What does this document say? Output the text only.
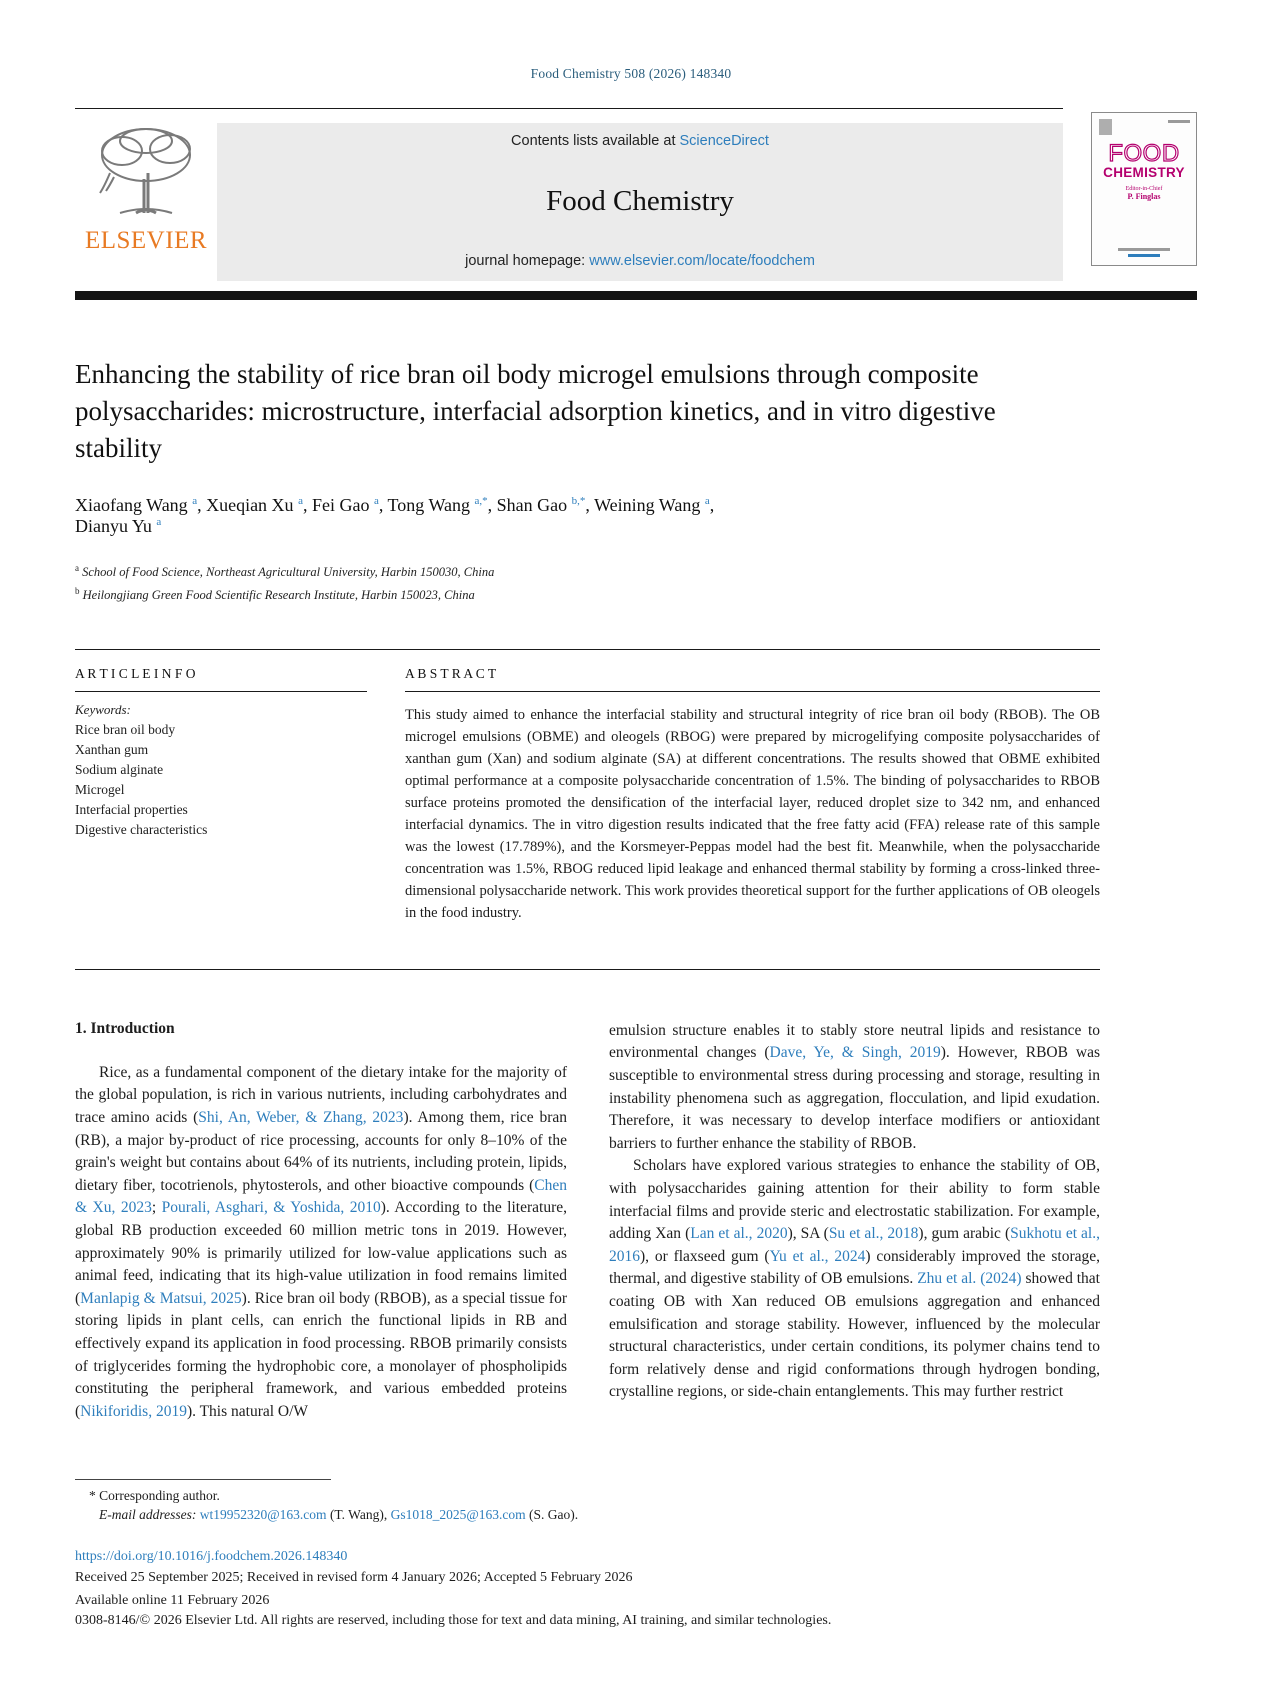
Food Chemistry 508 (2026) 148340
ELSEVIER
Contents lists available at ScienceDirect
Food Chemistry
journal homepage: www.elsevier.com/locate/foodchem
FOOD
CHEMISTRY
Editor-in-Chief
P. Finglas
Enhancing the stability of rice bran oil body microgel emulsions through composite polysaccharides: microstructure, interfacial adsorption kinetics, and in vitro digestive stability
Xiaofang Wang $^a$, Xueqian Xu $^a$, Fei Gao $^a$, Tong Wang $^{a,*}$, Shan Gao $^{b,*}$, Weining Wang $^a$,
Dianyu Yu $^a$
$^a$ School of Food Science, Northeast Agricultural University, Harbin 150030, China
$^b$ Heilongjiang Green Food Scientific Research Institute, Harbin 150023, China
A R T I C L E I N F O
Keywords:
Rice bran oil body
Xanthan gum
Sodium alginate
Microgel
Interfacial properties
Digestive characteristics
A B S T R A C T

This study aimed to enhance the interfacial stability and structural integrity of rice bran oil body (RBOB). The OB microgel emulsions (OBME) and oleogels (RBOG) were prepared by microgelifying composite polysaccharides of xanthan gum (Xan) and sodium alginate (SA) at different concentrations. The results showed that OBME exhibited optimal performance at a composite polysaccharide concentration of 1.5%. The binding of polysaccharides to RBOB surface proteins promoted the densification of the interfacial layer, reduced droplet size to 342 nm, and enhanced interfacial dynamics. The in vitro digestion results indicated that the free fatty acid (FFA) release rate of this sample was the lowest (17.789%), and the Korsmeyer-Peppas model had the best fit. Meanwhile, when the polysaccharide concentration was 1.5%, RBOG reduced lipid leakage and enhanced thermal stability by forming a cross-linked three-dimensional polysaccharide network. This work provides theoretical support for the further applications of OB oleogels in the food industry.

1. Introduction

Rice, as a fundamental component of the dietary intake for the majority of the global population, is rich in various nutrients, including carbohydrates and trace amino acids (Shi, An, Weber, & Zhang, 2023). Among them, rice bran (RB), a major by-product of rice processing, accounts for only 8–10% of the grain's weight but contains about 64% of its nutrients, including protein, lipids, dietary fiber, tocotrienols, phytosterols, and other bioactive compounds (Chen & Xu, 2023; Pourali, Asghari, & Yoshida, 2010). According to the literature, global RB production exceeded 60 million metric tons in 2019. However, approximately 90% is primarily utilized for low-value applications such as animal feed, indicating that its high-value utilization in food remains limited (Manlapig & Matsui, 2025). Rice bran oil body (RBOB), as a special tissue for storing lipids in plant cells, can enrich the functional lipids in RB and effectively expand its application in food processing. RBOB primarily consists of triglycerides forming the hydrophobic core, a monolayer of phospholipids constituting the peripheral framework, and various embedded proteins (Nikiforidis, 2019). This natural O/W

emulsion structure enables it to stably store neutral lipids and resistance to environmental changes (Dave, Ye, & Singh, 2019). However, RBOB was susceptible to environmental stress during processing and storage, resulting in instability phenomena such as aggregation, flocculation, and lipid exudation. Therefore, it was necessary to develop interface modifiers or antioxidant barriers to further enhance the stability of RBOB.

Scholars have explored various strategies to enhance the stability of OB, with polysaccharides gaining attention for their ability to form stable interfacial films and provide steric and electrostatic stabilization. For example, adding Xan (Lan et al., 2020), SA (Su et al., 2018), gum arabic (Sukhotu et al., 2016), or flaxseed gum (Yu et al., 2024) considerably improved the storage, thermal, and digestive stability of OB emulsions. Zhu et al. (2024) showed that coating OB with Xan reduced OB emulsions aggregation and enhanced emulsification and storage stability. However, influenced by the molecular structural characteristics, under certain conditions, its polymer chains tend to form relatively dense and rigid conformations through hydrogen bonding, crystalline regions, or side-chain entanglements. This may further restrict

* Corresponding author.
E-mail addresses: wt19952320@163.com (T. Wang), Gs1018_2025@163.com (S. Gao).
https://doi.org/10.1016/j.foodchem.2026.148340
Received 25 September 2025; Received in revised form 4 January 2026; Accepted 5 February 2026
Available online 11 February 2026
0308-8146/© 2026 Elsevier Ltd. All rights are reserved, including those for text and data mining, AI training, and similar technologies.
